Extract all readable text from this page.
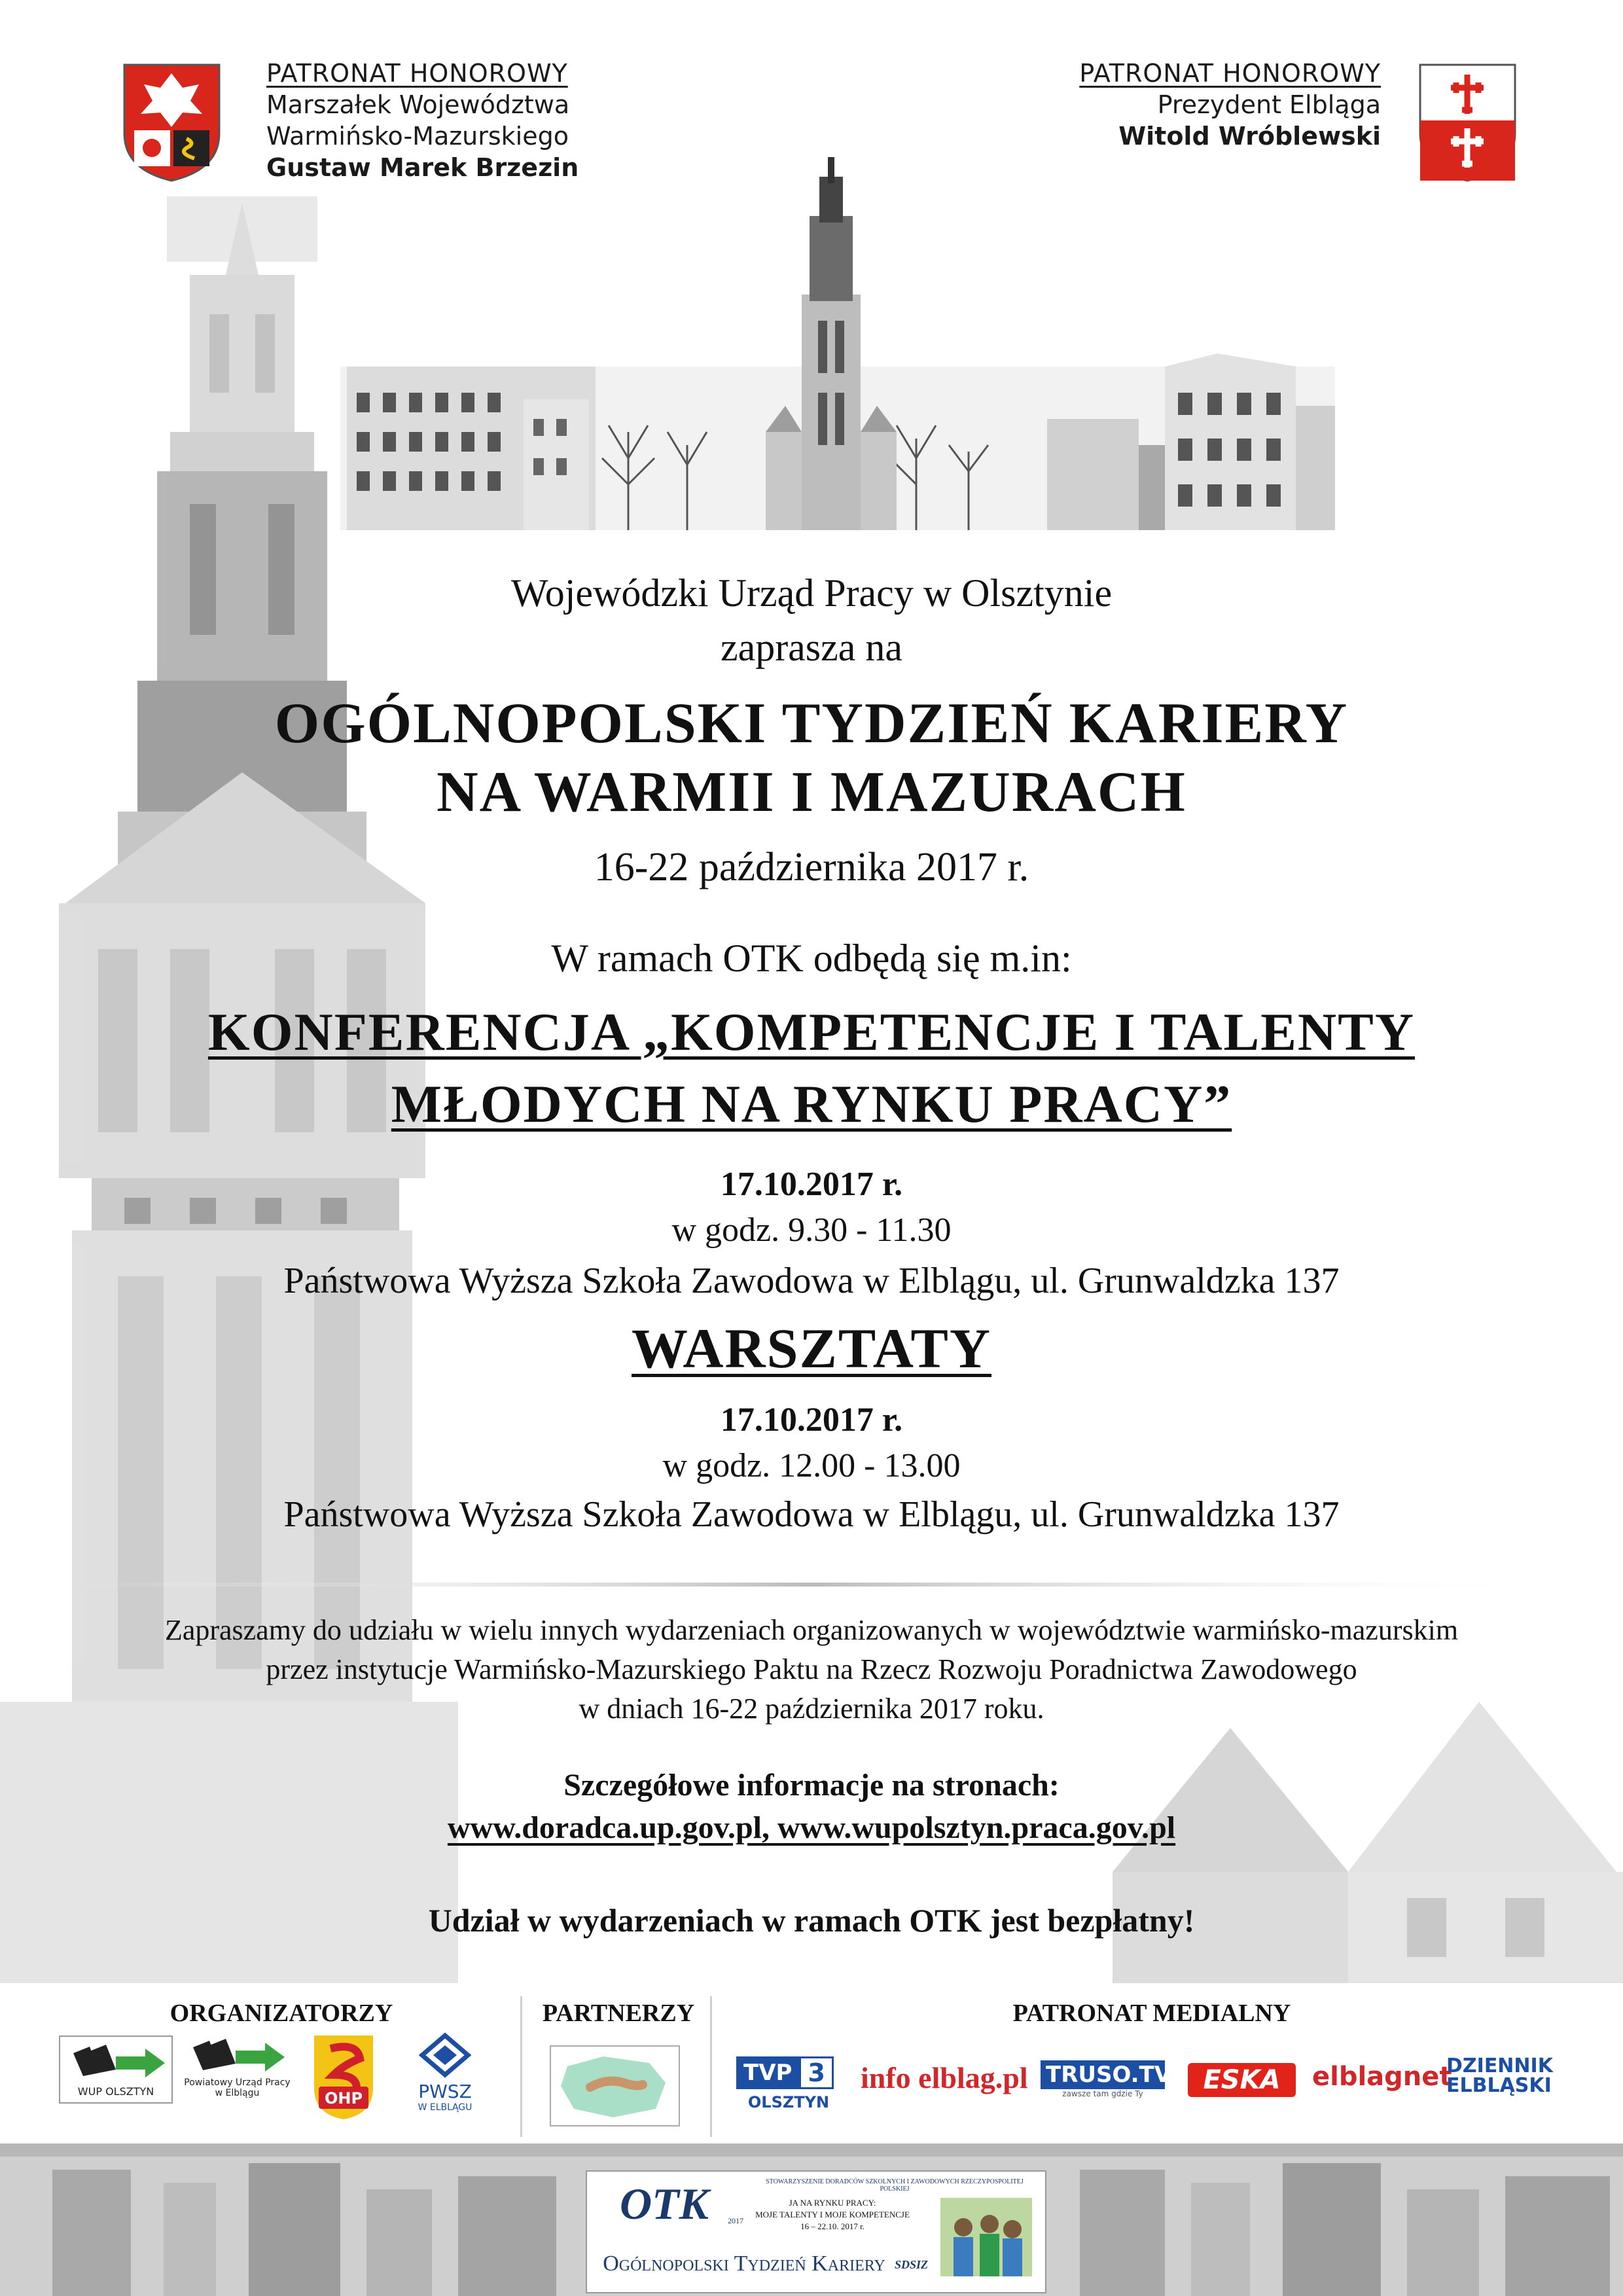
PATRONAT HONOROWY
Marszałek Województwa
Warmińsko-Mazurskiego
Gustaw Marek Brzezin
PATRONAT HONOROWY
Prezydent Elbląga
Witold Wróblewski
Wojewódzki Urząd Pracy w Olsztynie
zaprasza na
OGÓLNOPOLSKI TYDZIEŃ KARIERY
NA WARMII I MAZURACH
16-22 października 2017 r.
W ramach OTK odbędą się m.in:
KONFERENCJA „KOMPETENCJE I TALENTY
MŁODYCH NA RYNKU PRACY”
17.10.2017 r.
w godz. 9.30 - 11.30
Państwowa Wyższa Szkoła Zawodowa w Elblągu, ul. Grunwaldzka 137
WARSZTATY
17.10.2017 r.
w godz. 12.00 - 13.00
Państwowa Wyższa Szkoła Zawodowa w Elblągu, ul. Grunwaldzka 137
Zapraszamy do udziału w wielu innych wydarzeniach organizowanych w województwie warmińsko-mazurskim
przez instytucje Warmińsko-Mazurskiego Paktu na Rzecz Rozwoju Poradnictwa Zawodowego
w dniach 16-22 października 2017 roku.
Szczegółowe informacje na stronach:
www.doradca.up.gov.pl, www.wupolsztyn.praca.gov.pl
Udział w wydarzeniach w ramach OTK jest bezpłatny!
ORGANIZATORZY	PARTNERZY	PATRONAT MEDIALNY
WUP OLSZTYN
Powiatowy Urząd Pracy
w Elblągu	OHP	PWSZ
W ELBLĄGU
TVP 3
OLSZTYN
info elblag.pl TRUSO.TV
zawsze tam gdzie Ty	ESKA	elblagnet
DZIENNIK
ELBLĄSKI
OTK 2017
STOWARZYSZENIE DORADCÓW SZKOLNYCH I ZAWODOWYCH RZECZYPOSPOLITEJ POLSKIEJ
JA NA RYNKU PRACY:
MOJE TALENTY I MOJE KOMPETENCJE
16 – 22.10. 2017 r.
Ogólnopolski Tydzień Kariery SDSIZ
